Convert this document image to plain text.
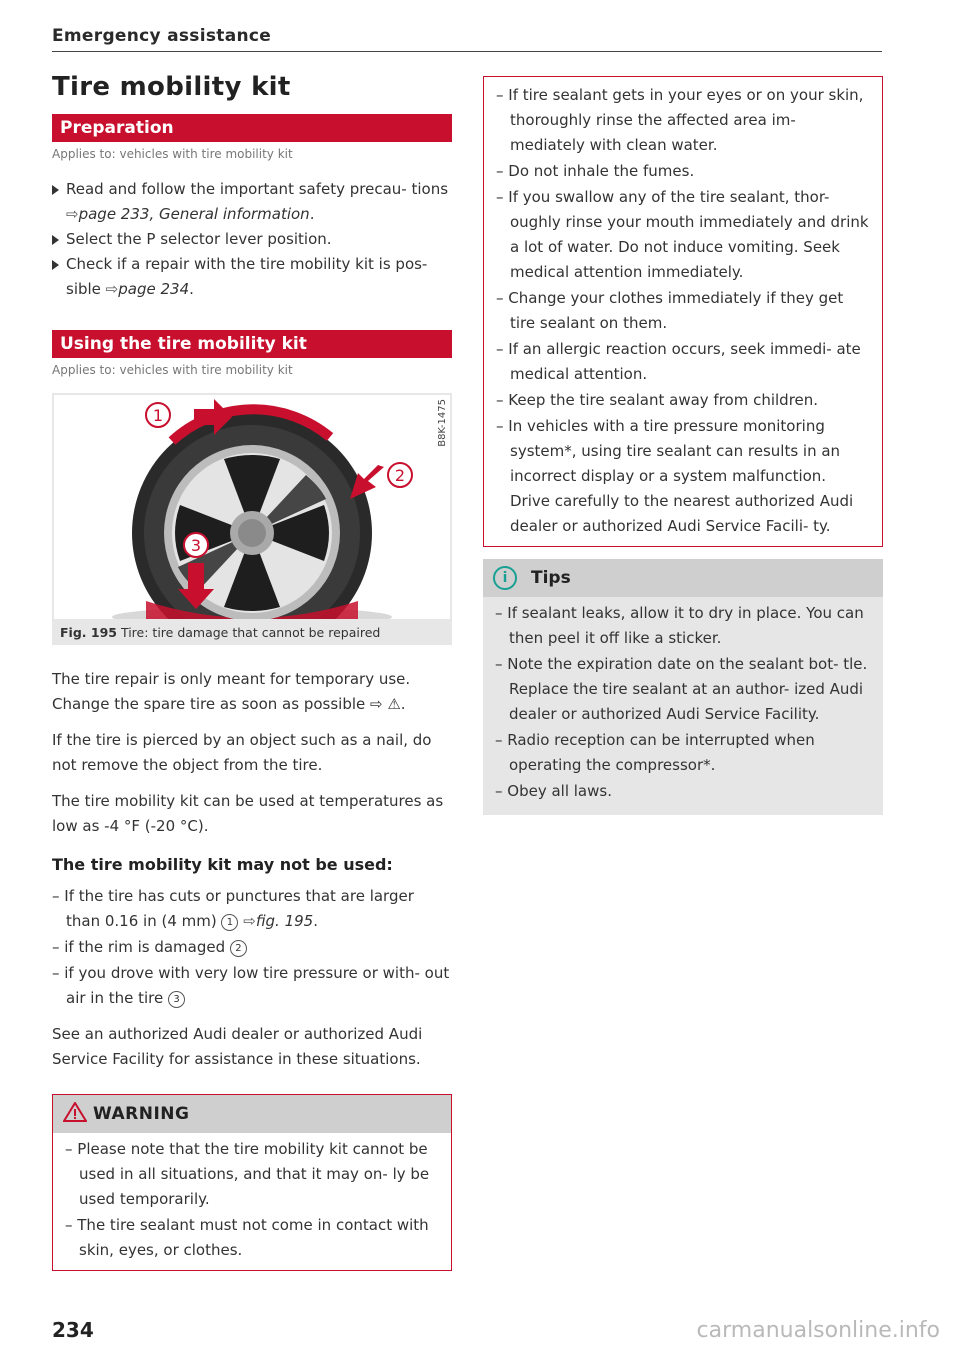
Emergency assistance
Tire mobility kit
Preparation
Applies to: vehicles with tire mobility kit
Read and follow the important safety precau- tions ⇨page 233, General information.
Select the P selector lever position.
Check if a repair with the tire mobility kit is pos- sible ⇨page 234.
Using the tire mobility kit
Applies to: vehicles with tire mobility kit
1
2
3
B8K-1475
Fig. 195 Tire: tire damage that cannot be repaired

The tire repair is only meant for temporary use. Change the spare tire as soon as possible ⇨ ⚠.

If the tire is pierced by an object such as a nail, do not remove the object from the tire.

The tire mobility kit can be used at temperatures as low as -4 °F (-20 °C).

The tire mobility kit may not be used:
– If the tire has cuts or punctures that are larger than 0.16 in (4 mm) 1 ⇨fig. 195.
– if the rim is damaged 2
– if you drove with very low tire pressure or with- out air in the tire 3

See an authorized Audi dealer or authorized Audi Service Facility for assistance in these situations.

WARNING
– Please note that the tire mobility kit cannot be used in all situations, and that it may on- ly be used temporarily.
– The tire sealant must not come in contact with skin, eyes, or clothes.
234
– If tire sealant gets in your eyes or on your skin, thoroughly rinse the affected area im- mediately with clean water.
– Do not inhale the fumes.
– If you swallow any of the tire sealant, thor- oughly rinse your mouth immediately and drink a lot of water. Do not induce vomiting. Seek medical attention immediately.
– Change your clothes immediately if they get tire sealant on them.
– If an allergic reaction occurs, seek immedi- ate medical attention.
– Keep the tire sealant away from children.
– In vehicles with a tire pressure monitoring system*, using tire sealant can results in an incorrect display or a system malfunction. Drive carefully to the nearest authorized Audi dealer or authorized Audi Service Facili- ty.
i Tips
– If sealant leaks, allow it to dry in place. You can then peel it off like a sticker.
– Note the expiration date on the sealant bot- tle. Replace the tire sealant at an author- ized Audi dealer or authorized Audi Service Facility.
– Radio reception can be interrupted when operating the compressor*.
– Obey all laws.
carmanualsonline.info
